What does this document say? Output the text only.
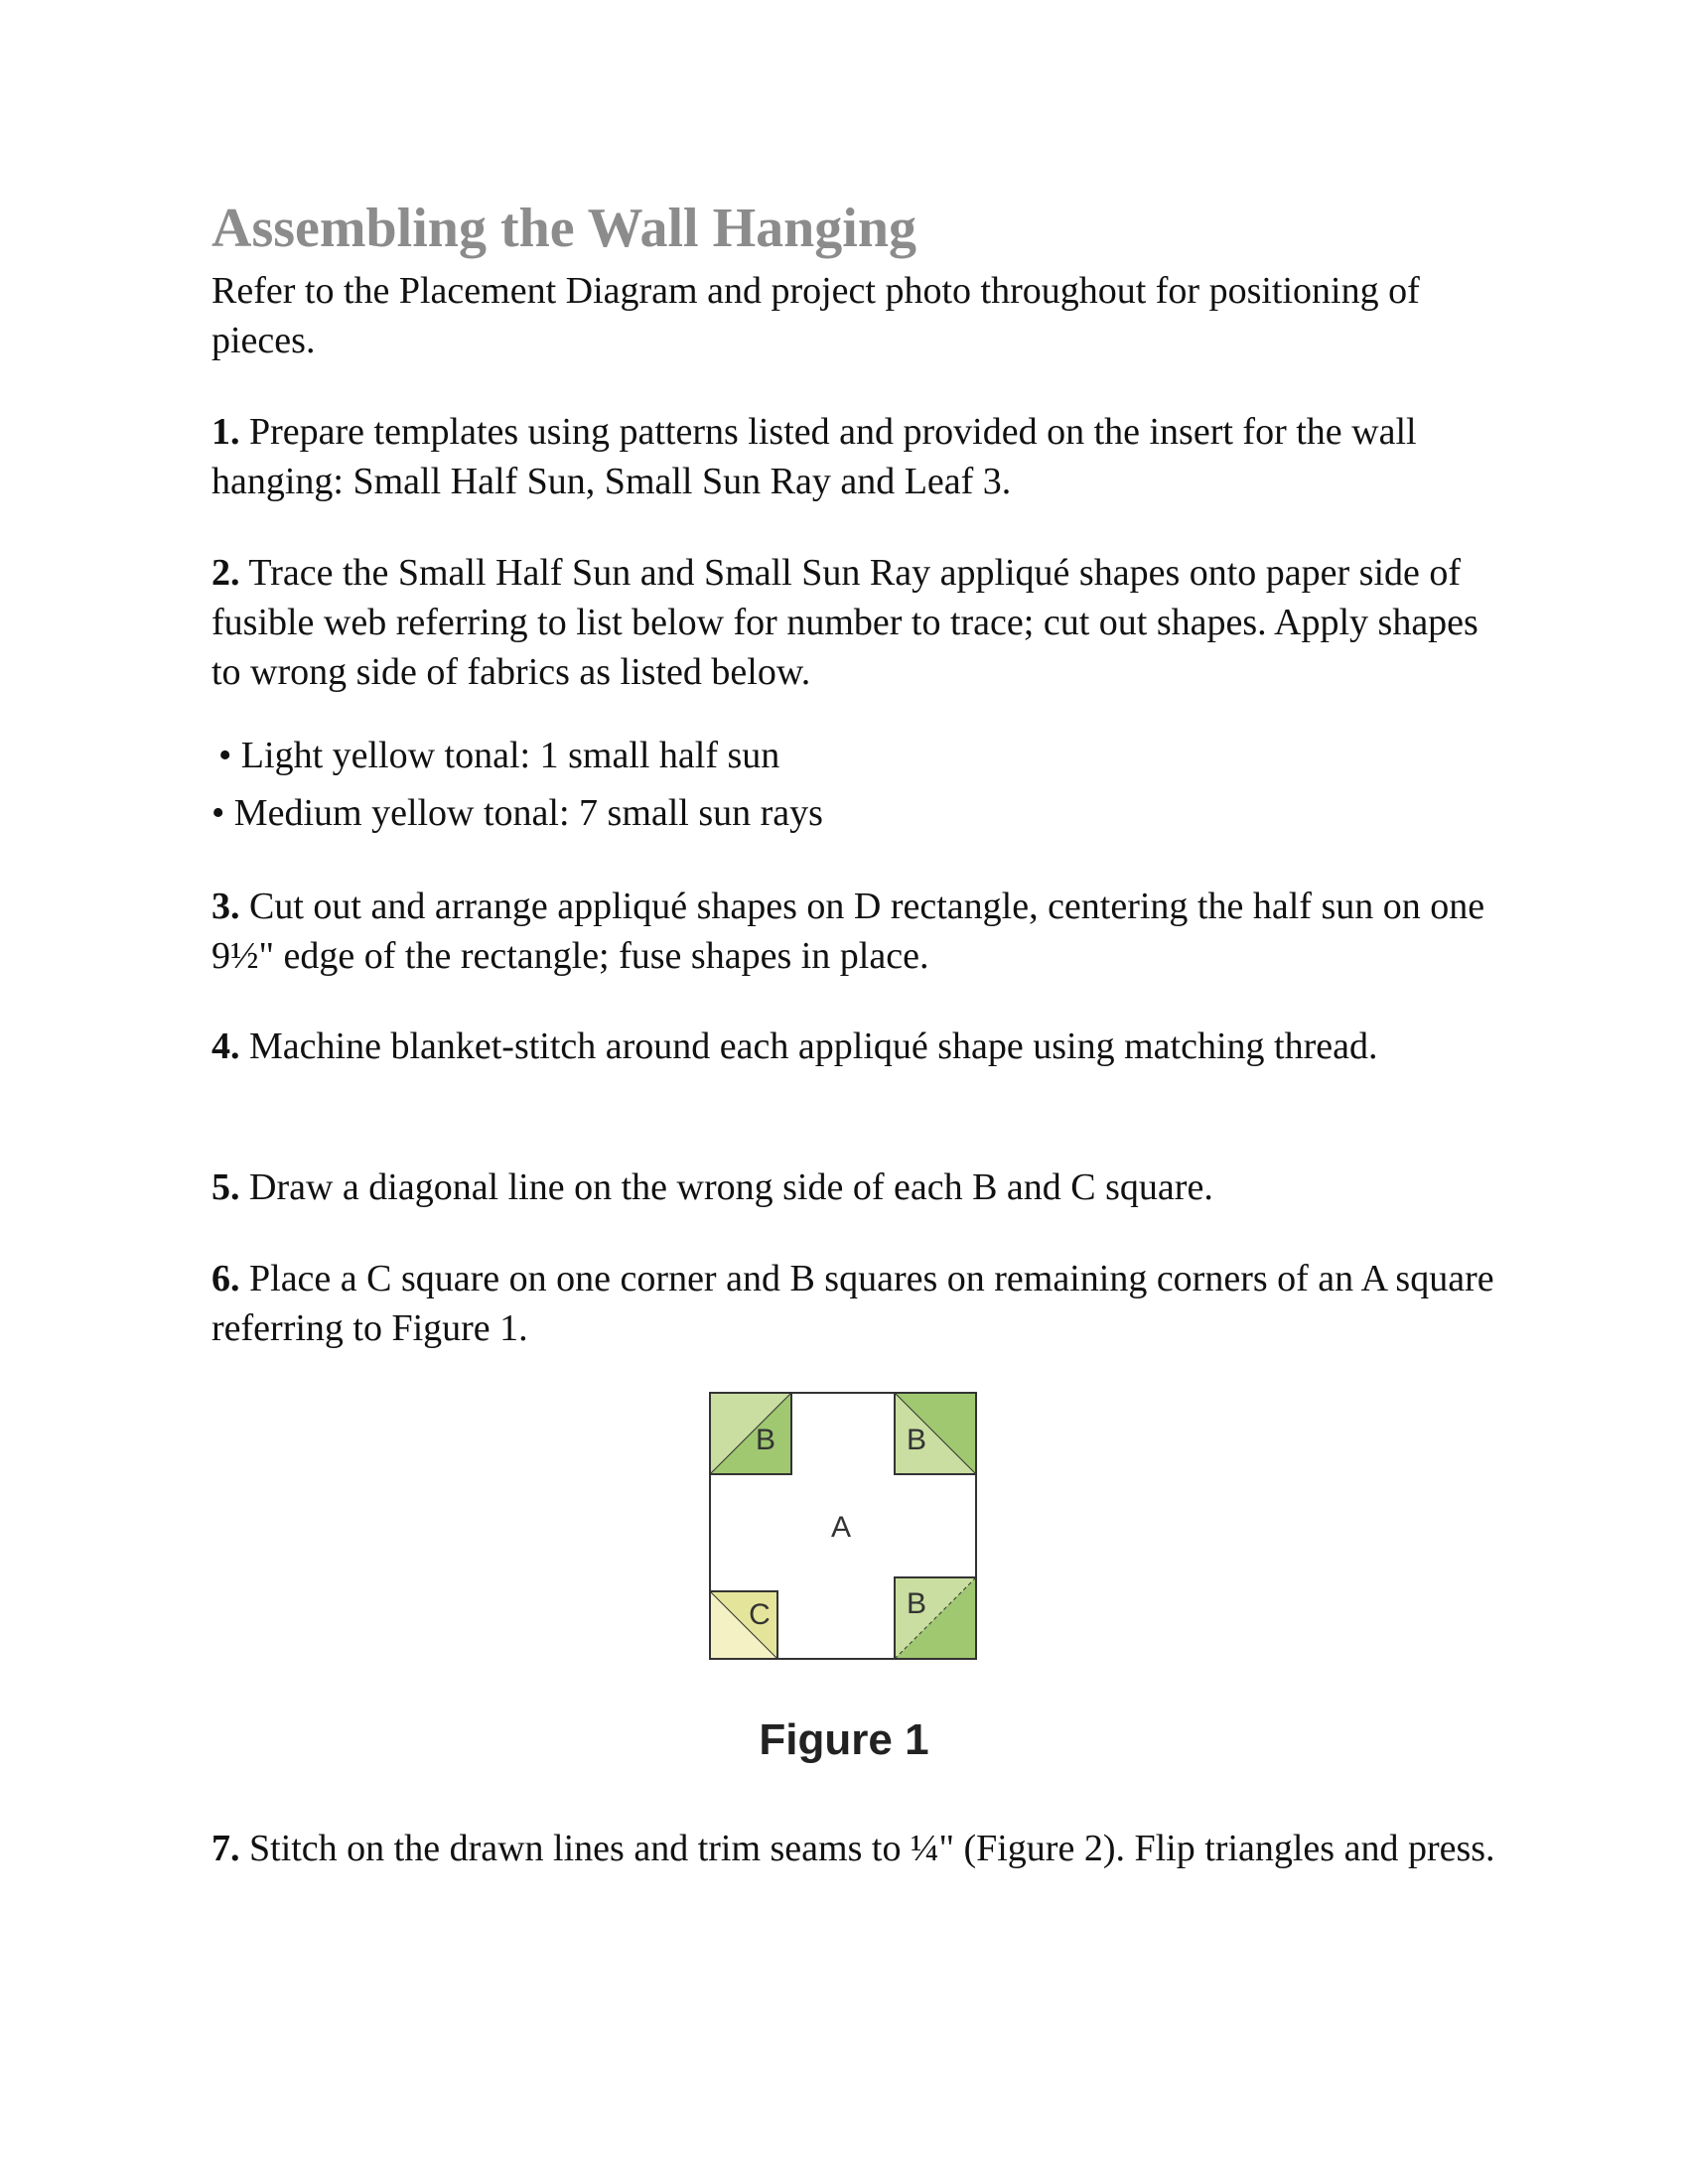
Assembling the Wall Hanging

Refer to the Placement Diagram and project photo throughout for positioning of pieces.

1. Prepare templates using patterns listed and provided on the insert for the wall hanging: Small Half Sun, Small Sun Ray and Leaf 3.

2. Trace the Small Half Sun and Small Sun Ray appliqué shapes onto paper side of fusible web referring to list below for number to trace; cut out shapes. Apply shapes to wrong side of fabrics as listed below.

• Light yellow tonal: 1 small half sun
• Medium yellow tonal: 7 small sun rays

3. Cut out and arrange appliqué shapes on D rectangle, centering the half sun on one 9½" edge of the rectangle; fuse shapes in place.

4. Machine blanket-stitch around each appliqué shape using matching thread.

5. Draw a diagonal line on the wrong side of each B and C square.

6. Place a C square on one corner and B squares on remaining corners of an A square referring to Figure 1.

B	B
A
B
C
Figure 1

7. Stitch on the drawn lines and trim seams to ¼" (Figure 2). Flip triangles and press.
